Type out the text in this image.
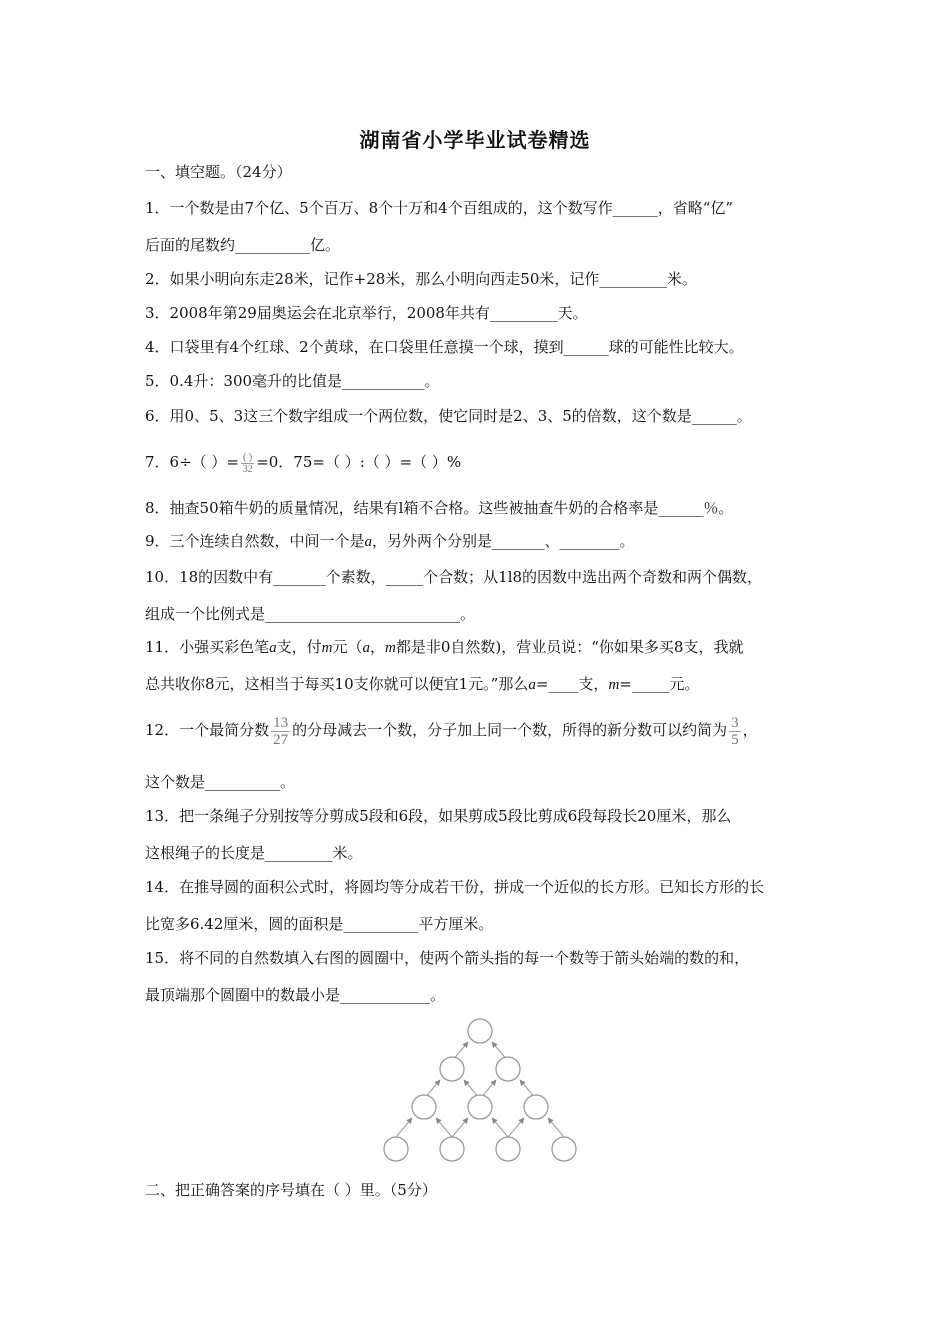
湖南省小学毕业试卷精选
一、填空题。（24分）
1．一个数是由7个亿、5个百万、8个十万和4个百组成的，这个数写作______，省略“亿”
后面的尾数约__________亿。
2．如果小明向东走28米，记作+28米，那么小明向西走50米，记作_________米。
3．2008年第29届奥运会在北京举行，2008年共有_________天。
4．口袋里有4个红球、2个黄球，在口袋里任意摸一个球，摸到______球的可能性比较大。
5．0.4升：300毫升的比值是___________。
6．用0、5、3这三个数字组成一个两位数，使它同时是2、3、5的倍数，这个数是______。
7．6÷（ ）= $\frac{( )}{32} =0$．75=（ ）:（ ）=（ ）%
8．抽查50箱牛奶的质量情况，结果有l箱不合格。这些被抽查牛奶的合格率是______％。
9．三个连续自然数，中间一个是a，另外两个分别是_______、________。
10．18的因数中有_______个素数，_____个合数；从1l8的因数中选出两个奇数和两个偶数，
组成一个比例式是__________________________。
11．小强买彩色笔a支，付m元（a，m都是非0自然数)，营业员说：“你如果多买8支，我就
总共收你8元，这相当于每买10支你就可以便宜1元。”那么a=____支，m=_____元。
12．一个最简分数 $\frac{13}{27}$ 的分母减去一个数，分子加上同一个数，所得的新分数可以约简为 $\frac{3}{5}$ ，
这个数是__________。
13．把一条绳子分别按等分剪成5段和6段，如果剪成5段比剪成6段每段长20厘米，那么
这根绳子的长度是_________米。
14．在推导圆的面积公式时，将圆均等分成若干份，拼成一个近似的长方形。已知长方形的长
比宽多6.42厘米，圆的面积是__________平方厘米。
15．将不同的自然数填入右图的圆圈中，使两个箭头指的每一个数等于箭头始端的数的和，
最顶端那个圆圈中的数最小是____________。
二、把正确答案的序号填在（ ）里。（5分）
